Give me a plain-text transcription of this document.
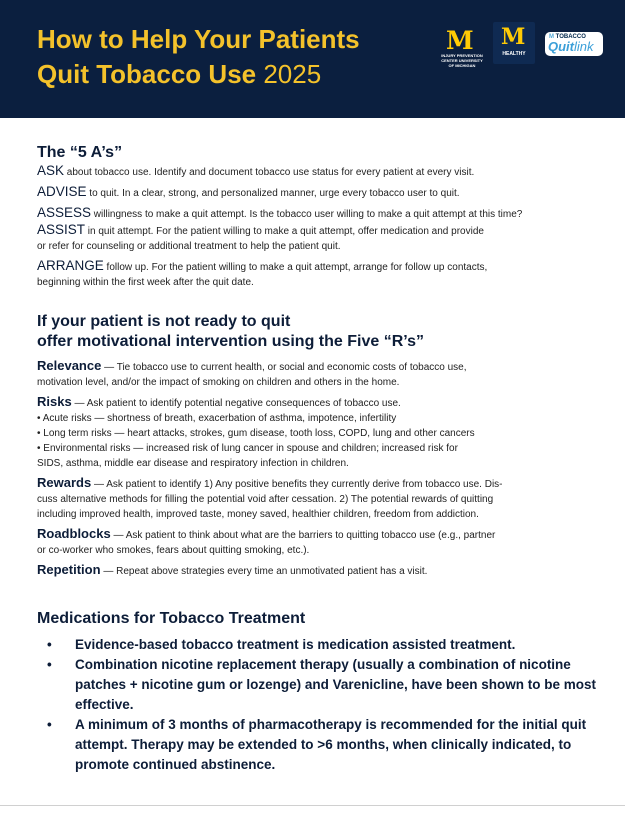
How to Help Your Patients
Quit Tobacco Use 2025
M
INJURY PREVENTION CENTER UNIVERSITY OF MICHIGAN
M
HEALTHY
M TOBACCO
Quitlink
The “5 A’s”

ASK about tobacco use. Identify and document tobacco use status for every patient at every visit.

ADVISE to quit. In a clear, strong, and personalized manner, urge every tobacco user to quit.

ASSESS willingness to make a quit attempt. Is the tobacco user willing to make a quit attempt at this time?

ASSIST in quit attempt. For the patient willing to make a quit attempt, offer medication and provide
or refer for counseling or additional treatment to help the patient quit.

ARRANGE follow up. For the patient willing to make a quit attempt, arrange for follow up contacts,
beginning within the first week after the quit date.

If your patient is not ready to quit
offer motivational intervention using the Five “R’s”

Relevance — Tie tobacco use to current health, or social and economic costs of tobacco use,
motivation level, and/or the impact of smoking on children and others in the home.

Risks — Ask patient to identify potential negative consequences of tobacco use.
• Acute risks — shortness of breath, exacerbation of asthma, impotence, infertility
• Long term risks — heart attacks, strokes, gum disease, tooth loss, COPD, lung and other cancers
• Environmental risks — increased risk of lung cancer in spouse and children; increased risk for
SIDS, asthma, middle ear disease and respiratory infection in children.

Rewards — Ask patient to identify 1) Any positive benefits they currently derive from tobacco use. Dis-
cuss alternative methods for filling the potential void after cessation. 2) The potential rewards of quitting
including improved health, improved taste, money saved, healthier children, freedom from addiction.

Roadblocks — Ask patient to think about what are the barriers to quitting tobacco use (e.g., partner
or co-worker who smokes, fears about quitting smoking, etc.).

Repetition — Repeat above strategies every time an unmotivated patient has a visit.

Medications for Tobacco Treatment
• Evidence-based tobacco treatment is medication assisted treatment.
• Combination nicotine replacement therapy (usually a combination of nicotine patches + nicotine gum or lozenge) and Varenicline, have been shown to be most effective.
• A minimum of 3 months of pharmacotherapy is recommended for the initial quit attempt. Therapy may be extended to >6 months, when clinically indicated, to promote continued abstinence.
